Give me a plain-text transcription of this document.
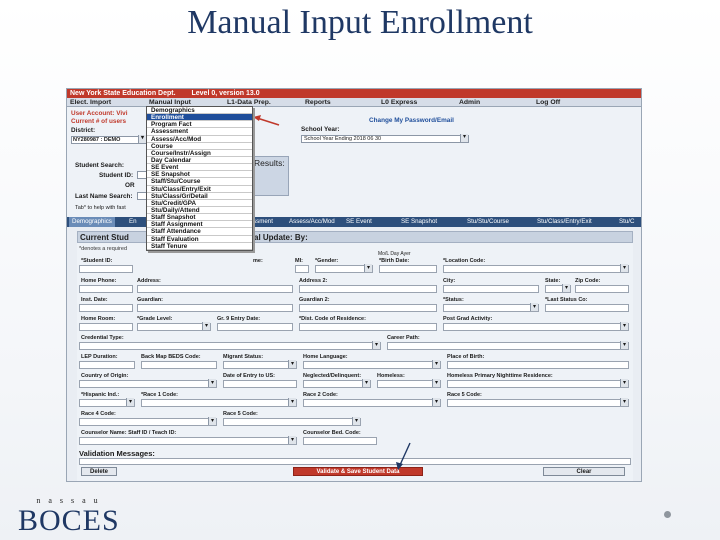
Manual Input Enrollment
New York State Education Dept. Level 0, version 13.0
Elect. Import	Manual Input	L1-Data Prep.	Reports	L0 Express	Admin	Log Off
User Account: Vivi
Current # of users
District:
NY280987 : DEMO ▾
Change My Password/Email
School Year:
School Year Ending 2018 06 30 ▾
Student Search:
Student ID:
OR
Last Name Search:
Tab* to help with fast
Results:
Demographics	En	ssment	Assess/Acc/Mod SE Event	SE Snapshot	Stu/Stu/Course	Stu/Class/Entry/Exit	Stu/C
Current Stud	al Update: By:
*denotes a required
*Student ID:	me:	MI: *Gender:	*Birth Date:
Mo/L Day Ayer
*Location Code:
▾
▾
Home Phone:	Address:	Address 2:	City:	State:	Zip Code:
▾
Inst. Date:	Guardian:	Guardian 2:	*Status:	*Last Status Co:
▾
Home Room:	*Grade Level:	Gr. 9 Entry Date:	*Dist. Code of Residence:	Post Grad Activity:
▾
▾
Credential Type:	Career Path:
▾
▾
LEP Duration:	Back Map BEDS Code:	Migrant Status:	Home Language:	Place of Birth:
▾
▾
Country of Origin:	Date of Entry to US:	Neglected/Delinquent:	Homeless:	Homeless Primary Nighttime Residence:
▾
▾
▾
▾
*Hispanic Ind.:	*Race 1 Code:	Race 2 Code:	Race 5 Code:
▾
▾
▾
▾
Race 4 Code:	Race 5 Code:
▾
▾
Counselor Name: Staff ID / Teach ID:	Counselor Bed. Code:
▾
Validation Messages:
Delete	Validate & Save Student Data	Clear
Demographics
Enrollment
Program Fact
Assessment
Assess/Acc/Mod
Course
Course/Instr/Assign
Day Calendar
SE Event
SE Snapshot
Staff/Stu/Course
Stu/Class/Entry/Exit
Stu/Class/Gr/Detail
Stu/Credit/GPA
Stu/Daily/Attend
Staff Snapshot
Staff Assignment
Staff Attendance
Staff Evaluation
Staff Tenure
nassau
BOCES
